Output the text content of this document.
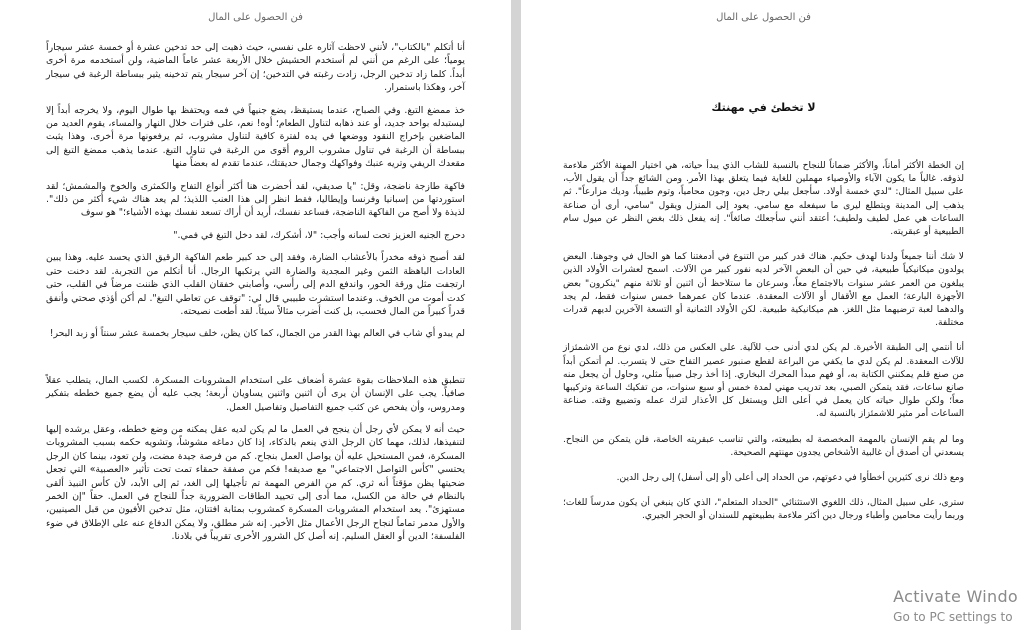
فن الحصول على المال

أنا أتكلم "بالكتاب"، لأنني لاحظت آثاره على نفسي، حيث ذهبت إلى حد تدخين عشرة أو خمسة عشر سيجاراً يومياً؛ على الرغم من أنني لم أستخدم الحشيش خلال الأربعة عشر عاماً الماضية، ولن أستخدمه مرة أخرى أبداً. كلما زاد تدخين الرجل، زادت رغبته في التدخين؛ إن آخر سيجار يتم تدخينه يثير ببساطة الرغبة في سيجار آخر، وهكذا باستمرار.

خذ ممضغ التبغ. وفي الصباح، عندما يستيقظ، يضع جنيهاً في فمه ويحتفظ بها طوال اليوم، ولا يخرجه أبداً إلا ليستبدله بواحد جديد، أو عند ذهابه لتناول الطعام؛ أوه! نعم، على فترات خلال النهار والمساء، يقوم العديد من الماضغين بإخراج النقود ووضعها في يده لفترة كافية لتناول مشروب، ثم يرفعونها مرة أخرى. وهذا يثبت ببساطة أن الرغبة في تناول مشروب الروم أقوى من الرغبة في تناول التبغ. عندما يذهب ممضغ التبغ إلى مقعدك الريفي وتريه عنبك وفواكهك وجمال حديقتك، عندما تقدم له بعضاً منها

فاكهة طازجة ناضجة، وقل: "يا صديقي، لقد أحضرت هنا أكثر أنواع التفاح والكمثرى والخوخ والمشمش؛ لقد استوردتها من إسبانيا وفرنسا وإيطاليا، فقط انظر إلى هذا العنب اللذيذ؛ لم يعد هناك شيء أكثر من ذلك". لذيذة ولا أصح من الفاكهة الناضجة، فساعد نفسك، أريد أن أراك تسعد نفسك بهذه الأشياء؛" هو سوف

دحرج الجنيه العزيز تحت لسانه وأجب: "لا، أشكرك، لقد دخل التبغ في فمي."

لقد أصبح ذوقه مخدراً بالأعشاب الضارة، وفقد إلى حد كبير طعم الفاكهة الرقيق الذي يحسد عليه. وهذا يبين العادات الباهظة الثمن وغير المجدية والضارة التي يرتكبها الرجال. أنا أتكلم من التجربة. لقد دخنت حتى ارتجفت مثل ورقة الحور، واندفع الدم إلى رأسي، وأصابني خفقان القلب الذي ظننت مرضاً في القلب، حتى كدت أموت من الخوف. وعندما استشرت طبيبي قال لي: "توقف عن تعاطي التبغ". لم أكن أؤذي صحتي وأنفق قدراً كبيراً من المال فحسب، بل كنت أضرب مثالاً سيئاً. لقد أطعت نصيحته.

لم يبدو أي شاب في العالم بهذا القدر من الجمال، كما كان يظن، خلف سيجار بخمسة عشر سنتاً أو زبد البحر!

تنطبق هذه الملاحظات بقوة عشرة أضعاف على استخدام المشروبات المسكرة. لكسب المال، يتطلب عقلاً صافياً. يجب على الإنسان أن يرى أن اثنين واثنين يساويان أربعة؛ يجب عليه أن يضع جميع خططه بتفكير ومدروس، وأن يفحص عن كثب جميع التفاصيل وتفاصيل العمل.

حيث أنه لا يمكن لأي رجل أن ينجح في العمل ما لم يكن لديه عقل يمكنه من وضع خططه، وعقل يرشده إليها لتنفيذها، لذلك، مهما كان الرجل الذي ينعم بالذكاء، إذا كان دماغه مشوشاً، وتشويه حكمه بسبب المشروبات المسكرة، فمن المستحيل عليه أن يواصل العمل بنجاح. كم من فرصة جيدة مضت، ولن تعود، بينما كان الرجل يحتسي "كأس التواصل الاجتماعي" مع صديقه! فكم من صفقة حمقاء تمت تحت تأثير «العصبية» التي تجعل ضحيتها يظن مؤقتاً أنه ثري. كم من الفرص المهمة تم تأجيلها إلى الغد، ثم إلى الأبد، لأن كأس النبيذ ألقى بالنظام في حالة من الكسل، مما أدى إلى تحييد الطاقات الضرورية جداً للنجاح في العمل. حقاً "إن الخمر مستهزئ". يعد استخدام المشروبات المسكرة كمشروب بمثابة افتتان، مثل تدخين الأفيون من قبل الصينيين، والأول مدمر تماماً لنجاح الرجل الأعمال مثل الأخير. إنه شر مطلق، ولا يمكن الدفاع عنه على الإطلاق في ضوء الفلسفة؛ الدين أو العقل السليم. إنه أصل كل الشرور الأخرى تقريباً في بلادنا.

فن الحصول على المال
لا تخطئ في مهنتك

إن الخطة الأكثر أماناً، والأكثر ضماناً للنجاح بالنسبة للشاب الذي يبدأ حياته، هي اختيار المهنة الأكثر ملاءمة لذوقه. غالباً ما يكون الآباء والأوصياء مهملين للغاية فيما يتعلق بهذا الأمر. ومن الشائع جداً أن يقول الأب، على سبيل المثال: "لدي خمسة أولاد. سأجعل بيلي رجل دين، وجون محامياً، وتوم طبيباً، وديك مزارعاً". ثم يذهب إلى المدينة ويتطلع ليرى ما سيفعله مع سامي. يعود إلى المنزل ويقول "سامي، أرى أن صناعة الساعات هي عمل لطيف ولطيف؛ أعتقد أنني سأجعلك صائغاً". إنه يفعل ذلك بغض النظر عن ميول سام الطبيعية أو عبقريته.

لا شك أننا جميعاً ولدنا لهدف حكيم. هناك قدر كبير من التنوع في أدمغتنا كما هو الحال في وجوهنا. البعض يولدون ميكانيكياً طبيعية، في حين أن البعض الآخر لديه نفور كبير من الآلات. اسمح لعشرات الأولاد الذين يبلغون من العمر عشر سنوات بالاجتماع معاً، وسرعان ما ستلاحظ أن اثنين أو ثلاثة منهم "ينكرون" بعض الأجهزة البارعة؛ العمل مع الأقفال أو الآلات المعقدة. عندما كان عمرهما خمس سنوات فقط، لم يجد والدهما لعبة ترضيهما مثل اللغز. هم ميكانيكية طبيعية. لكن الأولاد الثمانية أو التسعة الآخرين لديهم قدرات مختلفة.

أنا أنتمي إلى الطبقة الأخيرة. لم يكن لدي أدنى حب للآلية. على العكس من ذلك، لدي نوع من الاشمئزاز للآلات المعقدة. لم يكن لدي ما يكفي من البراعة لقطع صنبور عصير التفاح حتى لا يتسرب. لم أتمكن أبداً من صنع قلم يمكنني الكتابة به، أو فهم مبدأ المحرك البخاري. إذا أخذ رجل صبياً مثلي، وحاول أن يجعل منه صانع ساعات، فقد يتمكن الصبي، بعد تدريب مهني لمدة خمس أو سبع سنوات، من تفكيك الساعة وتركيبها معاً؛ ولكن طوال حياته كان يعمل في أعلى التل ويستغل كل الأعذار لترك عمله وتضييع وقته. صناعة الساعات أمر مثير للاشمئزاز بالنسبة له.

وما لم يقم الإنسان بالمهمة المخصصة له بطبيعته، والتي تناسب عبقريته الخاصة، فلن يتمكن من النجاح. يسعدني أن أصدق أن غالبية الأشخاص يجدون مهنتهم الصحيحة.

ومع ذلك نرى كثيرين أخطأوا في دعوتهم، من الحداد إلى أعلى (أو إلى أسفل) إلى رجل الدين.

سترى، على سبيل المثال، ذلك اللغوي الاستثنائي "الحداد المتعلم"، الذي كان ينبغي أن يكون مدرساً للغات؛ وربما رأيت محامين وأطباء ورجال دين أكثر ملاءمة بطبيعتهم للسندان أو الحجر الجيري.

Activate Windo
Go to PC settings to
